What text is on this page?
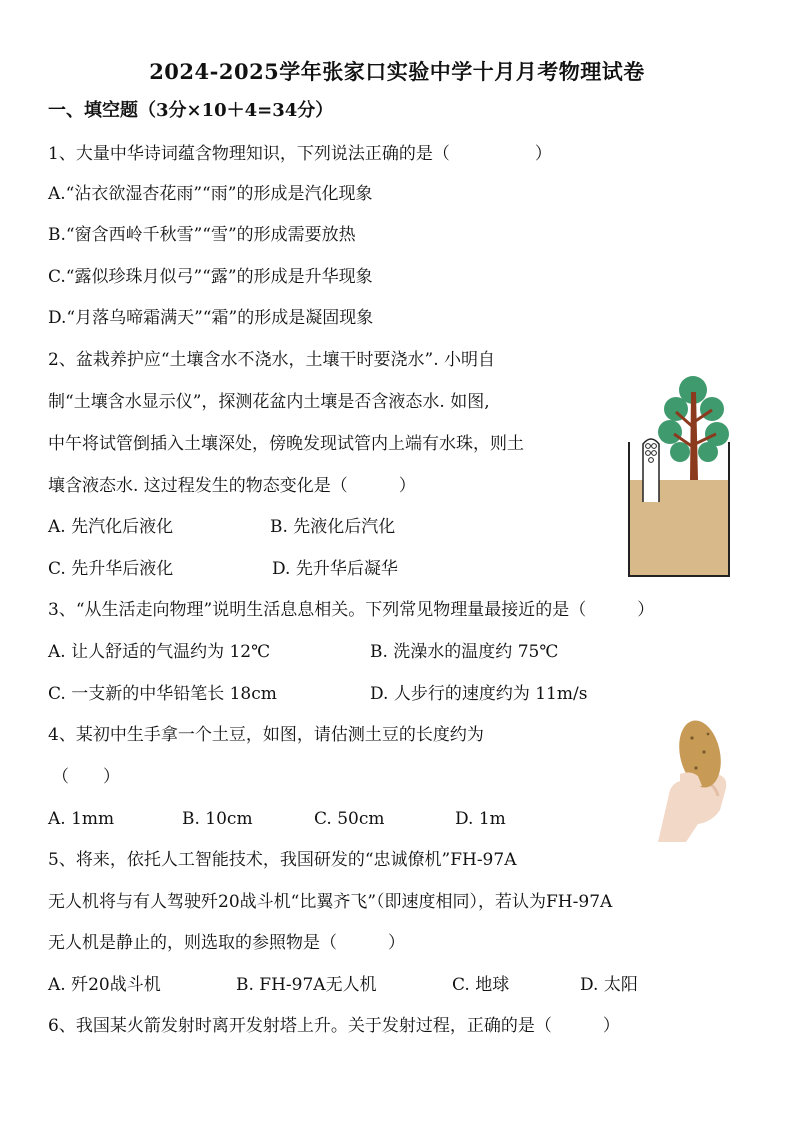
2024-2025学年张家口实验中学十月月考物理试卷
一、填空题（3分×10＋4=34分）
1、大量中华诗词蕴含物理知识，下列说法正确的是（　　　　　）
A.“沾衣欲湿杏花雨”“雨”的形成是汽化现象
B.“窗含西岭千秋雪”“雪”的形成需要放热
C.“露似珍珠月似弓”“露”的形成是升华现象
D.“月落乌啼霜满天”“霜”的形成是凝固现象
2、盆栽养护应“土壤含水不浇水，土壤干时要浇水”. 小明自
制“土壤含水显示仪”，探测花盆内土壤是否含液态水. 如图,
中午将试管倒插入土壤深处，傍晚发现试管内上端有水珠，则土
壤含液态水. 这过程发生的物态变化是（　　　）
A. 先汽化后液化	B. 先液化后汽化
C. 先升华后液化	D. 先升华后凝华
3、“从生活走向物理”说明生活息息相关。下列常见物理量最接近的是（　　　）
A. 让人舒适的气温约为 12℃	B. 洗澡水的温度约 75℃
C. 一支新的中华铅笔长 18cm	D. 人步行的速度约为 11m/s
4、某初中生手拿一个土豆，如图，请估测土豆的长度约为
（　　）
A. 1mm	B. 10cm	C. 50cm	D. 1m
5、将来，依托人工智能技术，我国研发的“忠诚僚机”FH-97A
无人机将与有人驾驶歼20战斗机“比翼齐飞”（即速度相同），若认为FH-97A
无人机是静止的，则选取的参照物是（　　　）
A. 歼20战斗机	B. FH-97A无人机	C. 地球	D. 太阳
6、我国某火箭发射时离开发射塔上升。关于发射过程，正确的是（　　　）
